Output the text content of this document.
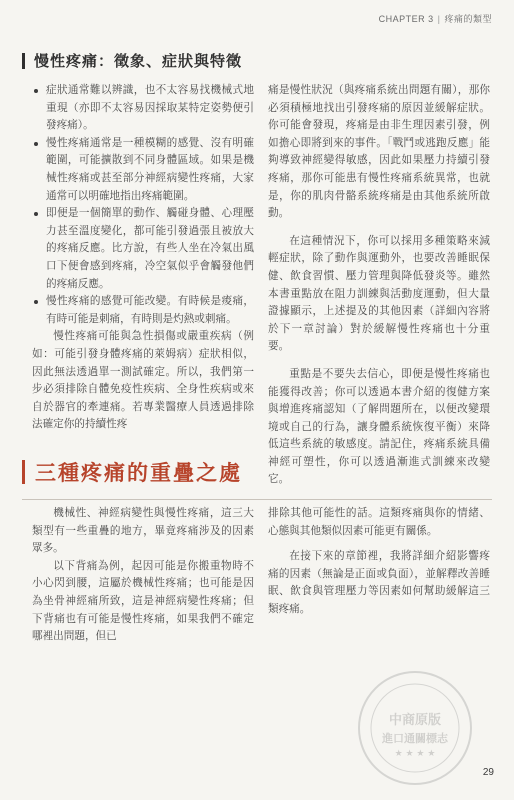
CHAPTER 3 | 疼痛的類型
慢性疼痛：徵象、症狀與特徵
症狀通常難以辨識，也不太容易找機械式地重現（亦即不太容易因採取某特定姿勢便引發疼痛）。
慢性疼痛通常是一種模糊的感覺、沒有明確範圍，可能擴散到不同身體區域。如果是機械性疼痛或甚至部分神經病變性疼痛，大家通常可以明確地指出疼痛範圍。
即便是一個簡單的動作、觸碰身體、心理壓力甚至溫度變化，都可能引發過張且被放大的疼痛反應。比方說，有些人坐在冷氣出風口下便會感到疼痛，冷空氣似乎會觸發他們的疼痛反應。
慢性疼痛的感覺可能改變。有時候是痠痛，有時可能是刺痛，有時則是灼熱或刺痛。

慢性疼痛可能與急性損傷或嚴重疾病（例如：可能引發身體疼痛的萊姆病）症狀相似，因此無法透過單一測試確定。所以，我們第一步必須排除自體免疫性疾病、全身性疾病或來自於器官的牽連痛。若專業醫療人員透過排除法確定你的持續性疼

痛是慢性狀況（與疼痛系統出問題有關），那你必須積極地找出引發疼痛的原因並緩解症狀。你可能會發現，疼痛是由非生理因素引發，例如擔心即將到來的事件。「戰鬥或逃跑反應」能夠導致神經變得敏感，因此如果壓力持續引發疼痛，那你可能患有慢性疼痛系統異常，也就是，你的肌肉骨骼系統疼痛是由其他系統所啟動。

在這種情況下，你可以採用多種策略來減輕症狀，除了動作與運動外，也要改善睡眠保健、飲食習慣、壓力管理與降低發炎等。雖然本書重點放在阻力訓練與活動度運動，但大量證據顯示，上述提及的其他因素（詳細內容將於下一章討論）對於緩解慢性疼痛也十分重要。

重點是不要失去信心，即便是慢性疼痛也能獲得改善；你可以透過本書介紹的復健方案與增進疼痛認知（了解問題所在，以便改變環境或自己的行為，讓身體系統恢復平衡）來降低這些系統的敏感度。請記住，疼痛系統具備神經可塑性，你可以透過漸進式訓練來改變它。

三種疼痛的重疊之處

機械性、神經病變性與慢性疼痛，這三大類型有一些重疊的地方，畢竟疼痛涉及的因素眾多。

以下背痛為例，起因可能是你搬重物時不小心閃到腰，這屬於機械性疼痛；也可能是因為坐骨神經痛所致，這是神經病變性疼痛；但下背痛也有可能是慢性疼痛，如果我們不確定哪裡出問題，但已

排除其他可能性的話。這類疼痛與你的情緒、心態與其他類似因素可能更有關係。

在接下來的章節裡，我將詳細介紹影響疼痛的因素（無論是正面或負面），並解釋改善睡眠、飲食與管理壓力等因素如何幫助緩解這三類疼痛。

中商原版
進口通關標志
★ ★ ★ ★
29
